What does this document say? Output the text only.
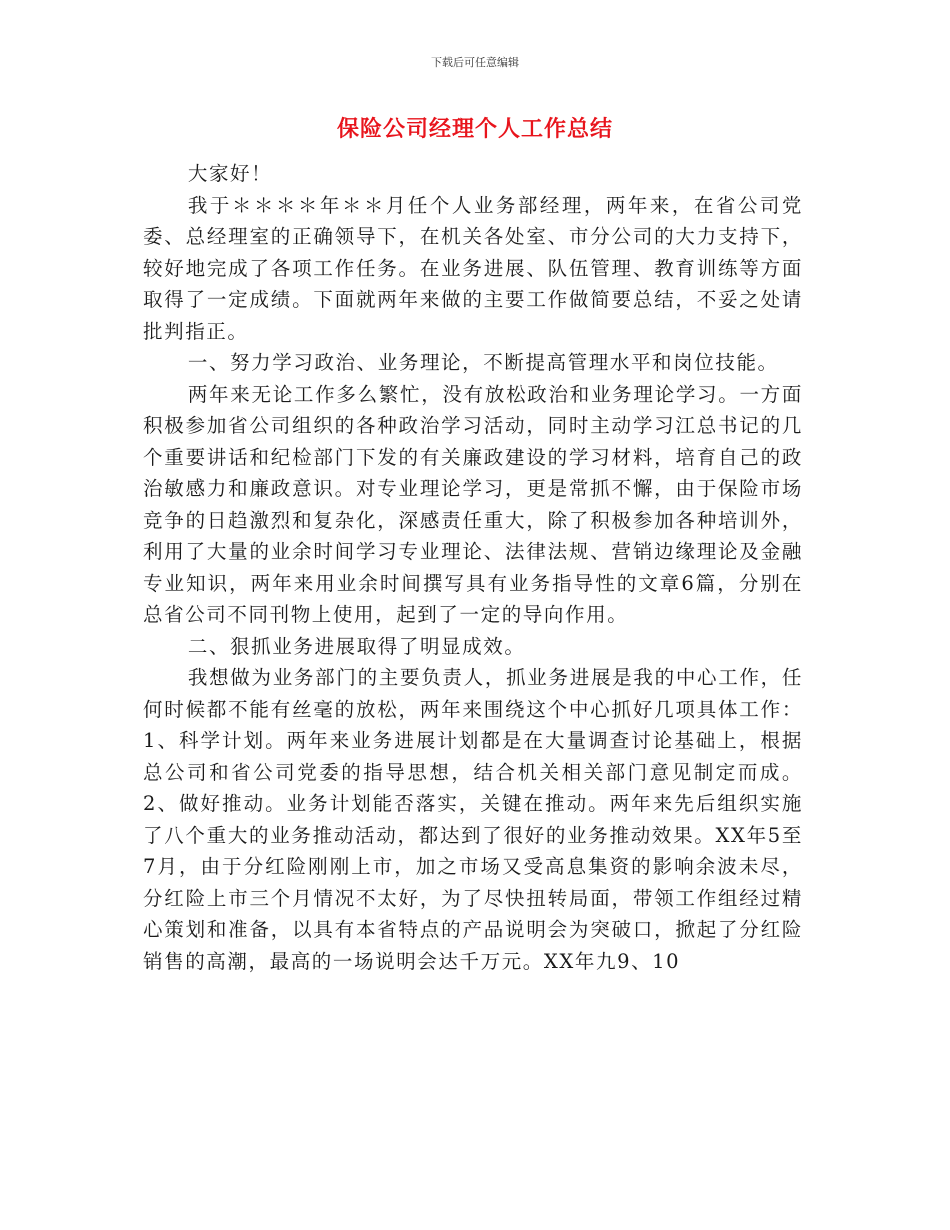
下载后可任意编辑
保险公司经理个人工作总结

大家好！

我于＊＊＊＊年＊＊月任个人业务部经理，两年来，在省公司党委、总经理室的正确领导下，在机关各处室、市分公司的大力支持下，较好地完成了各项工作任务。在业务进展、队伍管理、教育训练等方面取得了一定成绩。下面就两年来做的主要工作做简要总结，不妥之处请批判指正。

一、努力学习政治、业务理论，不断提高管理水平和岗位技能。

两年来无论工作多么繁忙，没有放松政治和业务理论学习。一方面积极参加省公司组织的各种政治学习活动，同时主动学习江总书记的几个重要讲话和纪检部门下发的有关廉政建设的学习材料，培育自己的政治敏感力和廉政意识。对专业理论学习，更是常抓不懈，由于保险市场竞争的日趋激烈和复杂化，深感责任重大，除了积极参加各种培训外，利用了大量的业余时间学习专业理论、法律法规、营销边缘理论及金融专业知识，两年来用业余时间撰写具有业务指导性的文章6篇，分别在总省公司不同刊物上使用，起到了一定的导向作用。

二、狠抓业务进展取得了明显成效。

我想做为业务部门的主要负责人，抓业务进展是我的中心工作，任何时候都不能有丝毫的放松，两年来围绕这个中心抓好几项具体工作：1、科学计划。两年来业务进展计划都是在大量调查讨论基础上，根据总公司和省公司党委的指导思想，结合机关相关部门意见制定而成。2、做好推动。业务计划能否落实，关键在推动。两年来先后组织实施了八个重大的业务推动活动，都达到了很好的业务推动效果。XX年5至7月，由于分红险刚刚上市，加之市场又受高息集资的影响余波未尽，分红险上市三个月情况不太好，为了尽快扭转局面，带领工作组经过精心策划和准备，以具有本省特点的产品说明会为突破口，掀起了分红险销售的高潮，最高的一场说明会达千万元。XX年九9、10
